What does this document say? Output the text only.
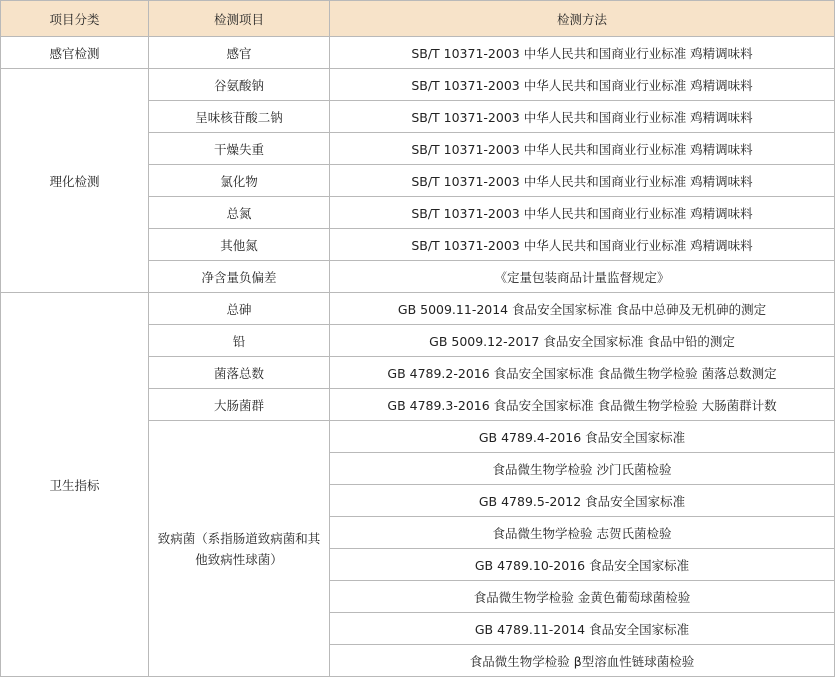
项目分类	检测项目	检测方法
感官检测	感官	SB/T 10371-2003 中华人民共和国商业行业标准 鸡精调味料
理化检测	谷氨酸钠	SB/T 10371-2003 中华人民共和国商业行业标准 鸡精调味料
	呈味核苷酸二钠	SB/T 10371-2003 中华人民共和国商业行业标准 鸡精调味料
	干燥失重	SB/T 10371-2003 中华人民共和国商业行业标准 鸡精调味料
	氯化物	SB/T 10371-2003 中华人民共和国商业行业标准 鸡精调味料
	总氮	SB/T 10371-2003 中华人民共和国商业行业标准 鸡精调味料
	其他氮	SB/T 10371-2003 中华人民共和国商业行业标准 鸡精调味料
	净含量负偏差	《定量包装商品计量监督规定》
卫生指标	总砷	GB 5009.11-2014 食品安全国家标准 食品中总砷及无机砷的测定
	铅	GB 5009.12-2017 食品安全国家标准 食品中铅的测定
	菌落总数	GB 4789.2-2016 食品安全国家标准 食品微生物学检验 菌落总数测定
	大肠菌群	GB 4789.3-2016 食品安全国家标准 食品微生物学检验 大肠菌群计数
	致病菌（系指肠道致病菌和其他致病性球菌）	GB 4789.4-2016 食品安全国家标准
		食品微生物学检验 沙门氏菌检验
		GB 4789.5-2012 食品安全国家标准
		食品微生物学检验 志贺氏菌检验
		GB 4789.10-2016 食品安全国家标准
		食品微生物学检验 金黄色葡萄球菌检验
		GB 4789.11-2014 食品安全国家标准
		食品微生物学检验 β型溶血性链球菌检验
